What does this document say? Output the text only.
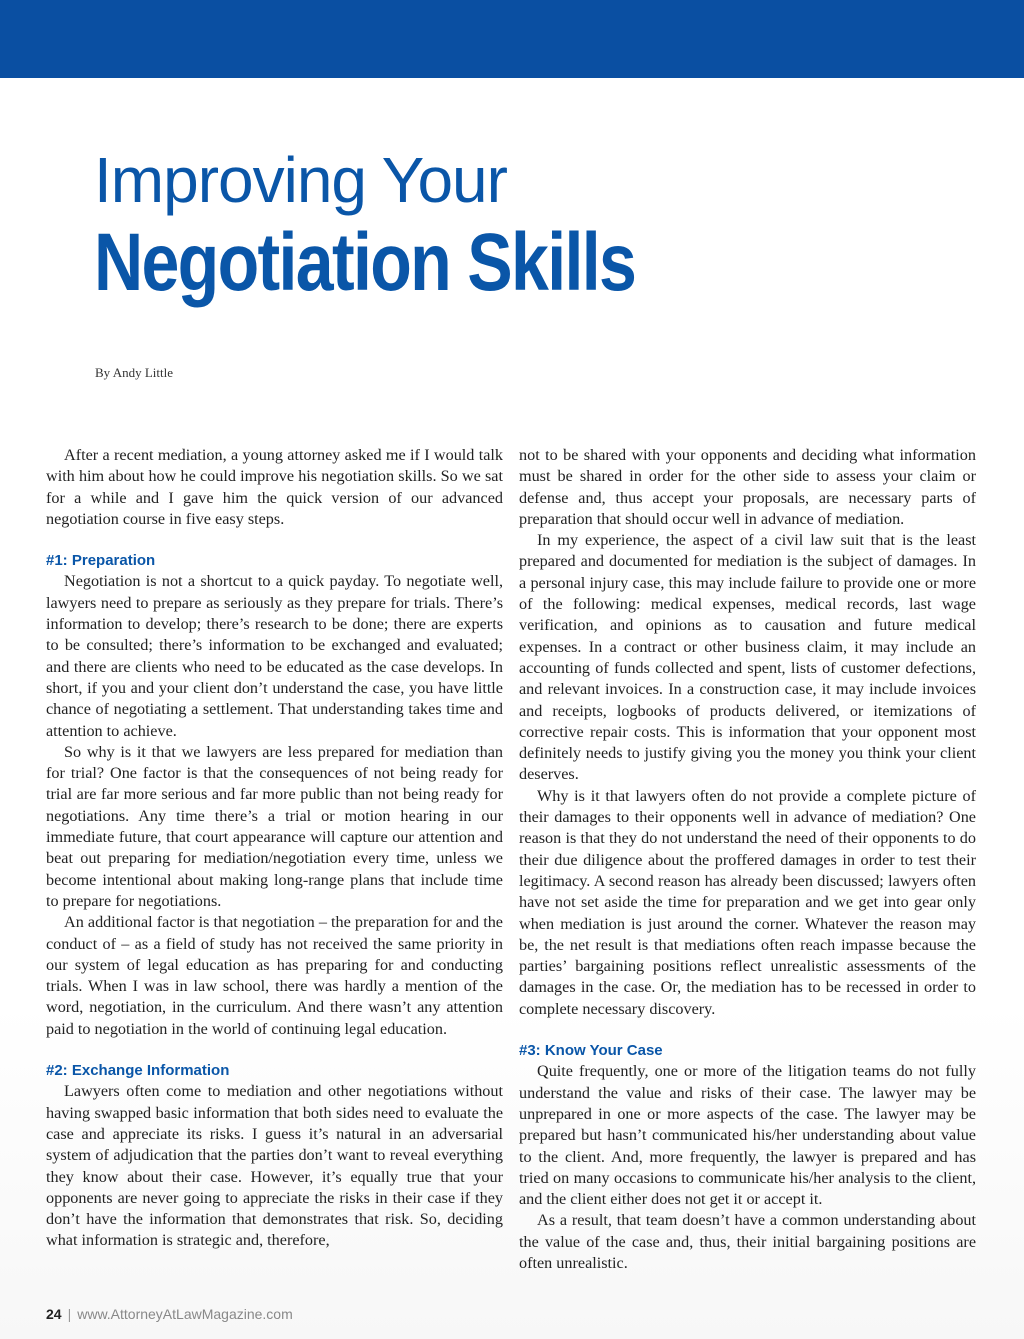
Improving Your
Negotiation Skills
By Andy Little

After a recent mediation, a young attorney asked me if I would talk with him about how he could improve his negotiation skills. So we sat for a while and I gave him the quick version of our advanced negotiation course in five easy steps.

#1: Preparation

Negotiation is not a shortcut to a quick payday. To negotiate well, lawyers need to prepare as seriously as they prepare for trials. There’s information to develop; there’s research to be done; there are experts to be consulted; there’s information to be exchanged and evaluated; and there are clients who need to be educated as the case develops. In short, if you and your client don’t understand the case, you have little chance of negotiating a settlement. That understanding takes time and attention to achieve.

So why is it that we lawyers are less prepared for mediation than for trial? One factor is that the consequences of not being ready for trial are far more serious and far more public than not being ready for negotiations. Any time there’s a trial or motion hearing in our immediate future, that court appearance will capture our attention and beat out preparing for mediation/negotiation every time, unless we become intentional about making long-range plans that include time to prepare for negotiations.

An additional factor is that negotiation – the preparation for and the conduct of – as a field of study has not received the same priority in our system of legal education as has preparing for and conducting trials. When I was in law school, there was hardly a mention of the word, negotiation, in the curriculum. And there wasn’t any attention paid to negotiation in the world of continuing legal education.

#2: Exchange Information

Lawyers often come to mediation and other negotiations without having swapped basic information that both sides need to evaluate the case and appreciate its risks. I guess it’s natural in an adversarial system of adjudication that the parties don’t want to reveal everything they know about their case. However, it’s equally true that your opponents are never going to appreciate the risks in their case if they don’t have the information that demonstrates that risk. So, deciding what information is strategic and, therefore,

not to be shared with your opponents and deciding what information must be shared in order for the other side to assess your claim or defense and, thus accept your proposals, are necessary parts of preparation that should occur well in advance of mediation.

In my experience, the aspect of a civil law suit that is the least prepared and documented for mediation is the subject of damages. In a personal injury case, this may include failure to provide one or more of the following: medical expenses, medical records, last wage verification, and opinions as to causation and future medical expenses. In a contract or other business claim, it may include an accounting of funds collected and spent, lists of customer defections, and relevant invoices. In a construction case, it may include invoices and receipts, logbooks of products delivered, or itemizations of corrective repair costs. This is information that your opponent most definitely needs to justify giving you the money you think your client deserves.

Why is it that lawyers often do not provide a complete picture of their damages to their opponents well in advance of mediation? One reason is that they do not understand the need of their opponents to do their due diligence about the proffered damages in order to test their legitimacy. A second reason has already been discussed; lawyers often have not set aside the time for preparation and we get into gear only when mediation is just around the corner. Whatever the reason may be, the net result is that mediations often reach impasse because the parties’ bargaining positions reflect unrealistic assessments of the damages in the case. Or, the mediation has to be recessed in order to complete necessary discovery.

#3: Know Your Case

Quite frequently, one or more of the litigation teams do not fully understand the value and risks of their case. The lawyer may be unprepared in one or more aspects of the case. The lawyer may be prepared but hasn’t communicated his/her understanding about value to the client. And, more frequently, the lawyer is prepared and has tried on many occasions to communicate his/her analysis to the client, and the client either does not get it or accept it.

As a result, that team doesn’t have a common understanding about the value of the case and, thus, their initial bargaining positions are often unrealistic.

24 | www.AttorneyAtLawMagazine.com
